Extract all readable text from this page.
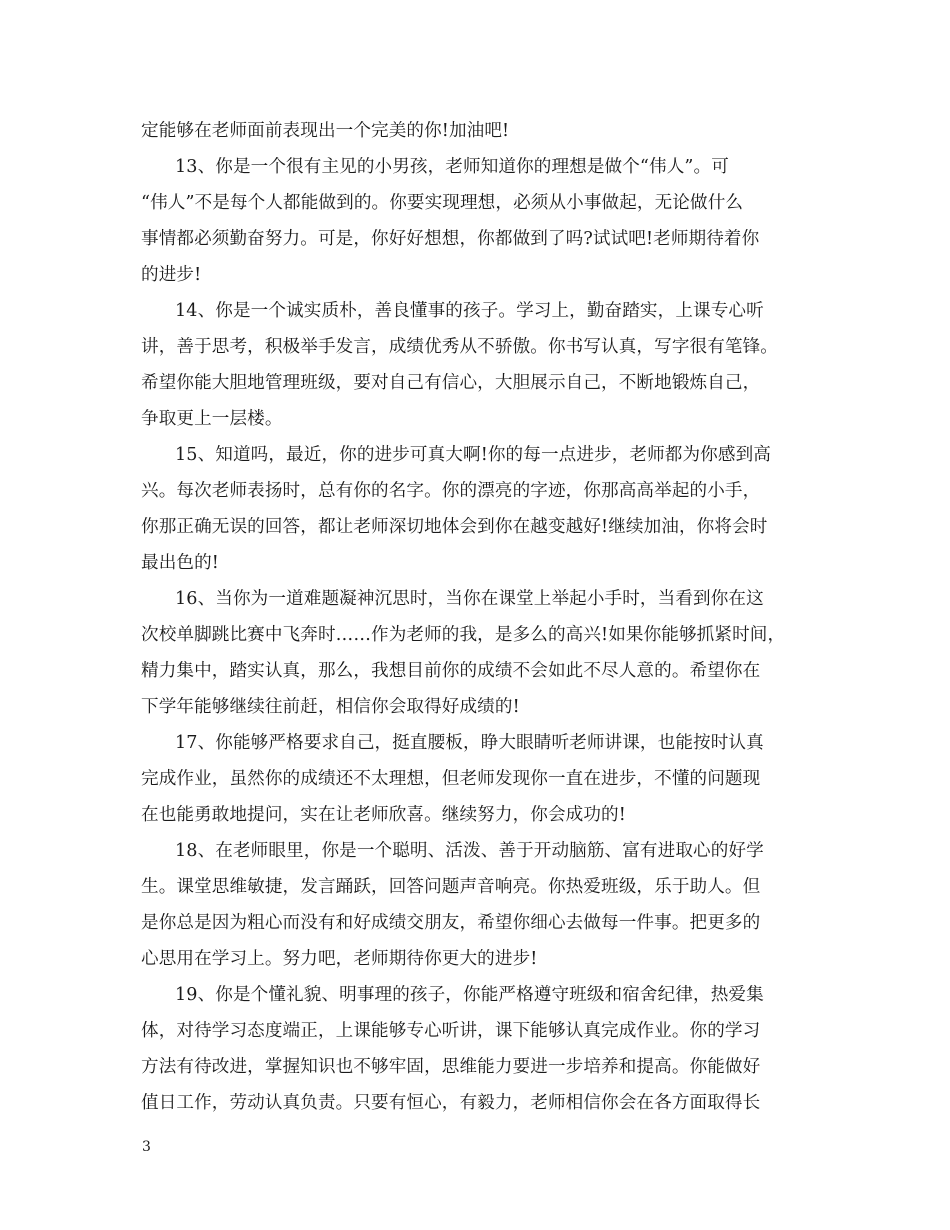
定能够在老师面前表现出一个完美的你!加油吧!
13、你是一个很有主见的小男孩，老师知道你的理想是做个“伟人”。可
“伟人”不是每个人都能做到的。你要实现理想，必须从小事做起，无论做什么
事情都必须勤奋努力。可是，你好好想想，你都做到了吗?试试吧!老师期待着你
的进步!
14、你是一个诚实质朴，善良懂事的孩子。学习上，勤奋踏实，上课专心听
讲，善于思考，积极举手发言，成绩优秀从不骄傲。你书写认真，写字很有笔锋。
希望你能大胆地管理班级，要对自己有信心，大胆展示自己，不断地锻炼自己，
争取更上一层楼。
15、知道吗，最近，你的进步可真大啊!你的每一点进步，老师都为你感到高
兴。每次老师表扬时，总有你的名字。你的漂亮的字迹，你那高高举起的小手，
你那正确无误的回答，都让老师深切地体会到你在越变越好!继续加油，你将会时
最出色的!
16、当你为一道难题凝神沉思时，当你在课堂上举起小手时，当看到你在这
次校单脚跳比赛中飞奔时……作为老师的我，是多么的高兴!如果你能够抓紧时间，
精力集中，踏实认真，那么，我想目前你的成绩不会如此不尽人意的。希望你在
下学年能够继续往前赶，相信你会取得好成绩的!
17、你能够严格要求自己，挺直腰板，睁大眼睛听老师讲课，也能按时认真
完成作业，虽然你的成绩还不太理想，但老师发现你一直在进步，不懂的问题现
在也能勇敢地提问，实在让老师欣喜。继续努力，你会成功的!
18、在老师眼里，你是一个聪明、活泼、善于开动脑筋、富有进取心的好学
生。课堂思维敏捷，发言踊跃，回答问题声音响亮。你热爱班级，乐于助人。但
是你总是因为粗心而没有和好成绩交朋友，希望你细心去做每一件事。把更多的
心思用在学习上。努力吧，老师期待你更大的进步!
19、你是个懂礼貌、明事理的孩子，你能严格遵守班级和宿舍纪律，热爱集
体，对待学习态度端正，上课能够专心听讲，课下能够认真完成作业。你的学习
方法有待改进，掌握知识也不够牢固，思维能力要进一步培养和提高。你能做好
值日工作，劳动认真负责。只要有恒心，有毅力，老师相信你会在各方面取得长
3
